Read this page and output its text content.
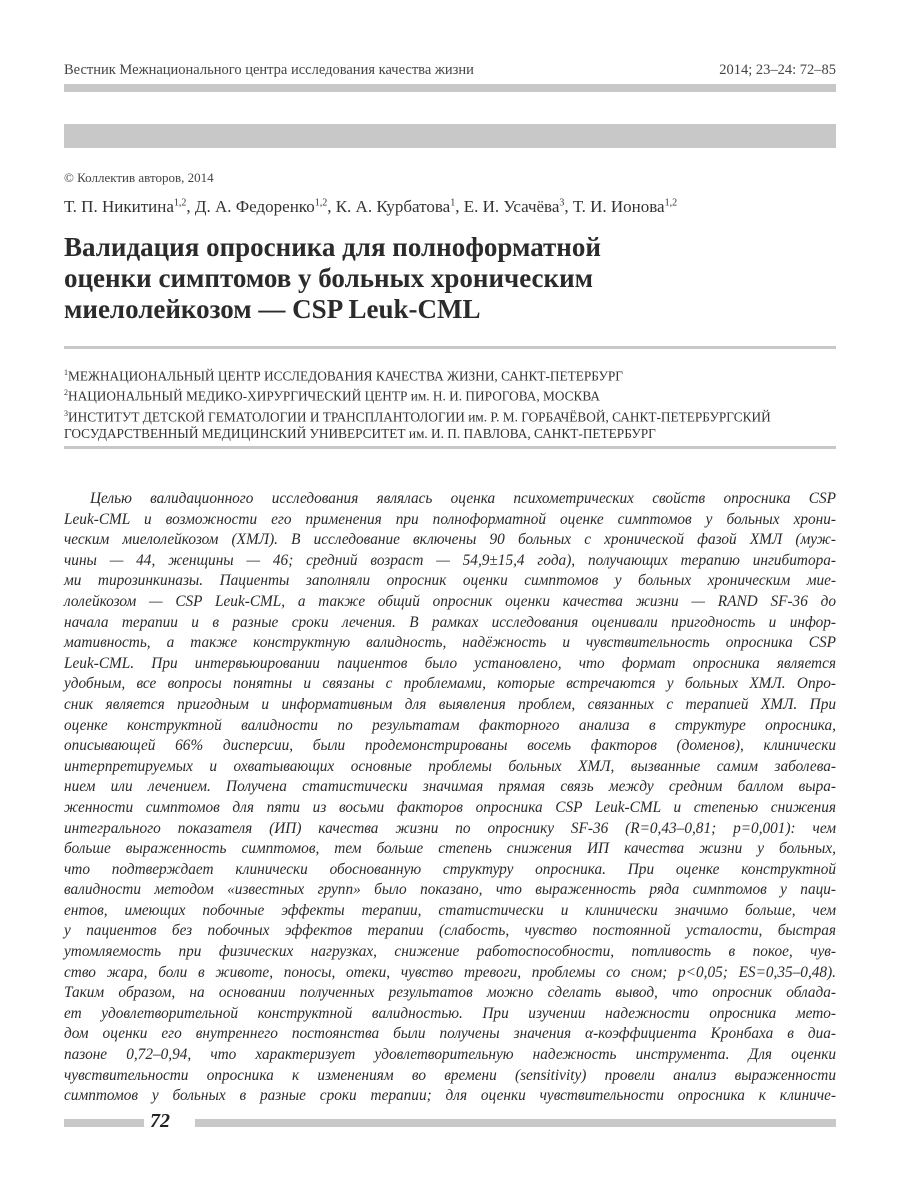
Вестник Межнационального центра исследования качества жизни	2014; 23–24: 72–85
© Коллектив авторов, 2014
Т. П. Никитина$^{1,2}$, Д. А. Федоренко$^{1,2}$, К. А. Курбатова$^1$, Е. И. Усачёва$^3$, Т. И. Ионова$^{1,2}$
Валидация опросника для полноформатной
оценки симптомов у больных хроническим
миелолейкозом — CSP Leuk-CML
$^1$МЕЖНАЦИОНАЛЬНЫЙ ЦЕНТР ИССЛЕДОВАНИЯ КАЧЕСТВА ЖИЗНИ, САНКТ-ПЕТЕРБУРГ
$^2$НАЦИОНАЛЬНЫЙ МЕДИКО-ХИРУРГИЧЕСКИЙ ЦЕНТР им. Н. И. ПИРОГОВА, МОСКВА
$^3$ИНСТИТУТ ДЕТСКОЙ ГЕМАТОЛОГИИ И ТРАНСПЛАНТОЛОГИИ им. Р. М. ГОРБАЧЁВОЙ, САНКТ-ПЕТЕРБУРГСКИЙ
ГОСУДАРСТВЕННЫЙ МЕДИЦИНСКИЙ УНИВЕРСИТЕТ им. И. П. ПАВЛОВА, САНКТ-ПЕТЕРБУРГ
Целью валидационного исследования являлась оценка психометрических свойств опросника CSP
Leuk-CML и возможности его применения при полноформатной оценке симптомов у больных хрони-
ческим миелолейкозом (ХМЛ). В исследование включены 90 больных с хронической фазой ХМЛ (муж-
чины — 44, женщины — 46; средний возраст — 54,9±15,4 года), получающих терапию ингибитора-
ми тирозинкиназы. Пациенты заполняли опросник оценки симптомов у больных хроническим мие-
лолейкозом — CSP Leuk-CML, а также общий опросник оценки качества жизни — RAND SF-36 до
начала терапии и в разные сроки лечения. В рамках исследования оценивали пригодность и инфор-
мативность, а также конструктную валидность, надёжность и чувствительность опросника CSP
Leuk-CML. При интервьюировании пациентов было установлено, что формат опросника является
удобным, все вопросы понятны и связаны с проблемами, которые встречаются у больных ХМЛ. Опро-
сник является пригодным и информативным для выявления проблем, связанных с терапией ХМЛ. При
оценке конструктной валидности по результатам факторного анализа в структуре опросника,
описывающей 66% дисперсии, были продемонстрированы восемь факторов (доменов), клинически
интерпретируемых и охватывающих основные проблемы больных ХМЛ, вызванные самим заболева-
нием или лечением. Получена статистически значимая прямая связь между средним баллом выра-
женности симптомов для пяти из восьми факторов опросника CSP Leuk-CML и степенью снижения
интегрального показателя (ИП) качества жизни по опроснику SF-36 (R=0,43–0,81; p=0,001): чем
больше выраженность симптомов, тем больше степень снижения ИП качества жизни у больных,
что подтверждает клинически обоснованную структуру опросника. При оценке конструктной
валидности методом «известных групп» было показано, что выраженность ряда симптомов у паци-
ентов, имеющих побочные эффекты терапии, статистически и клинически значимо больше, чем
у пациентов без побочных эффектов терапии (слабость, чувство постоянной усталости, быстрая
утомляемость при физических нагрузках, снижение работоспособности, потливость в покое, чув-
ство жара, боли в животе, поносы, отеки, чувство тревоги, проблемы со сном; p<0,05; ES=0,35–0,48).
Таким образом, на основании полученных результатов можно сделать вывод, что опросник облада-
ет удовлетворительной конструктной валидностью. При изучении надежности опросника мето-
дом оценки его внутреннего постоянства были получены значения α-коэффициента Кронбаха в диа-
пазоне 0,72–0,94, что характеризует удовлетворительную надежность инструмента. Для оценки
чувствительности опросника к изменениям во времени (sensitivity) провели анализ выраженности
симптомов у больных в разные сроки терапии; для оценки чувствительности опросника к клиниче-
72
